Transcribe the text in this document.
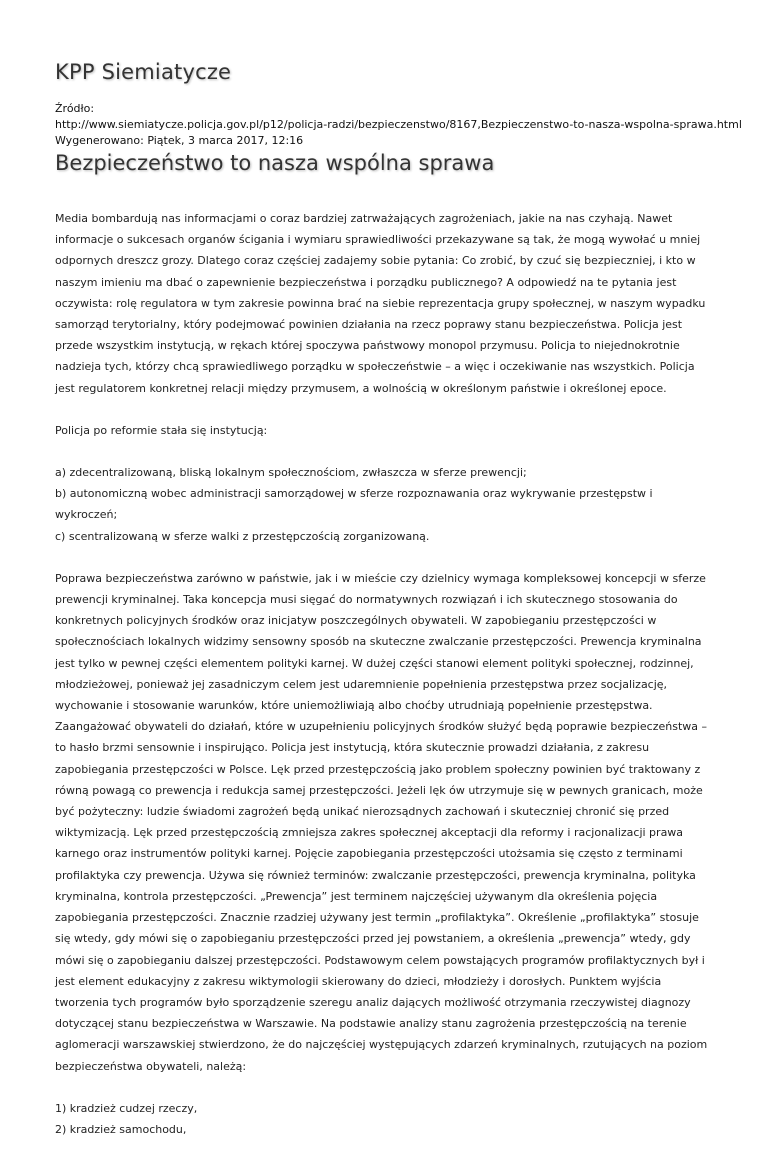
KPP Siemiatycze
Źródło:
http://www.siemiatycze.policja.gov.pl/p12/policja-radzi/bezpieczenstwo/8167,Bezpieczenstwo-to-nasza-wspolna-sprawa.html
Wygenerowano: Piątek, 3 marca 2017, 12:16
Bezpieczeństwo to nasza wspólna sprawa

Media bombardują nas informacjami o coraz bardziej zatrważających zagrożeniach, jakie na nas czyhają. Nawet informacje o sukcesach organów ścigania i wymiaru sprawiedliwości przekazywane są tak, że mogą wywołać u mniej odpornych dreszcz grozy. Dlatego coraz częściej zadajemy sobie pytania: Co zrobić, by czuć się bezpieczniej, i kto w naszym imieniu ma dbać o zapewnienie bezpieczeństwa i porządku publicznego? A odpowiedź na te pytania jest oczywista: rolę regulatora w tym zakresie powinna brać na siebie reprezentacja grupy społecznej, w naszym wypadku samorząd terytorialny, który podejmować powinien działania na rzecz poprawy stanu bezpieczeństwa. Policja jest przede wszystkim instytucją, w rękach której spoczywa państwowy monopol przymusu. Policja to niejednokrotnie nadzieja tych, którzy chcą sprawiedliwego porządku w społeczeństwie – a więc i oczekiwanie nas wszystkich. Policja jest regulatorem konkretnej relacji między przymusem, a wolnością w określonym państwie i określonej epoce.

Policja po reformie stała się instytucją:

a) zdecentralizowaną, bliską lokalnym społecznościom, zwłaszcza w sferze prewencji;
b) autonomiczną wobec administracji samorządowej w sferze rozpoznawania oraz wykrywanie przestępstw i wykroczeń;
c) scentralizowaną w sferze walki z przestępczością zorganizowaną.

Poprawa bezpieczeństwa zarówno w państwie, jak i w mieście czy dzielnicy wymaga kompleksowej koncepcji w sferze prewencji kryminalnej. Taka koncepcja musi sięgać do normatywnych rozwiązań i ich skutecznego stosowania do konkretnych policyjnych środków oraz inicjatyw poszczególnych obywateli. W zapobieganiu przestępczości w społecznościach lokalnych widzimy sensowny sposób na skuteczne zwalczanie przestępczości. Prewencja kryminalna jest tylko w pewnej części elementem polityki karnej. W dużej części stanowi element polityki społecznej, rodzinnej, młodzieżowej, ponieważ jej zasadniczym celem jest udaremnienie popełnienia przestępstwa przez socjalizację, wychowanie i stosowanie warunków, które uniemożliwiają albo choćby utrudniają popełnienie przestępstwa. Zaangażować obywateli do działań, które w uzupełnieniu policyjnych środków służyć będą poprawie bezpieczeństwa – to hasło brzmi sensownie i inspirująco. Policja jest instytucją, która skutecznie prowadzi działania, z zakresu zapobiegania przestępczości w Polsce. Lęk przed przestępczością jako problem społeczny powinien być traktowany z równą powagą co prewencja i redukcja samej przestępczości. Jeżeli lęk ów utrzymuje się w pewnych granicach, może być pożyteczny: ludzie świadomi zagrożeń będą unikać nierozsądnych zachowań i skuteczniej chronić się przed wiktymizacją. Lęk przed przestępczością zmniejsza zakres społecznej akceptacji dla reformy i racjonalizacji prawa karnego oraz instrumentów polityki karnej. Pojęcie zapobiegania przestępczości utożsamia się często z terminami profilaktyka czy prewencja. Używa się również terminów: zwalczanie przestępczości, prewencja kryminalna, polityka kryminalna, kontrola przestępczości. „Prewencja” jest terminem najczęściej używanym dla określenia pojęcia zapobiegania przestępczości. Znacznie rzadziej używany jest termin „profilaktyka”. Określenie „profilaktyka” stosuje się wtedy, gdy mówi się o zapobieganiu przestępczości przed jej powstaniem, a określenia „prewencja” wtedy, gdy mówi się o zapobieganiu dalszej przestępczości. Podstawowym celem powstających programów profilaktycznych był i jest element edukacyjny z zakresu wiktymologii skierowany do dzieci, młodzieży i dorosłych. Punktem wyjścia tworzenia tych programów było sporządzenie szeregu analiz dających możliwość otrzymania rzeczywistej diagnozy dotyczącej stanu bezpieczeństwa w Warszawie. Na podstawie analizy stanu zagrożenia przestępczością na terenie aglomeracji warszawskiej stwierdzono, że do najczęściej występujących zdarzeń kryminalnych, rzutujących na poziom bezpieczeństwa obywateli, należą:

1) kradzież cudzej rzeczy,
2) kradzież samochodu,
